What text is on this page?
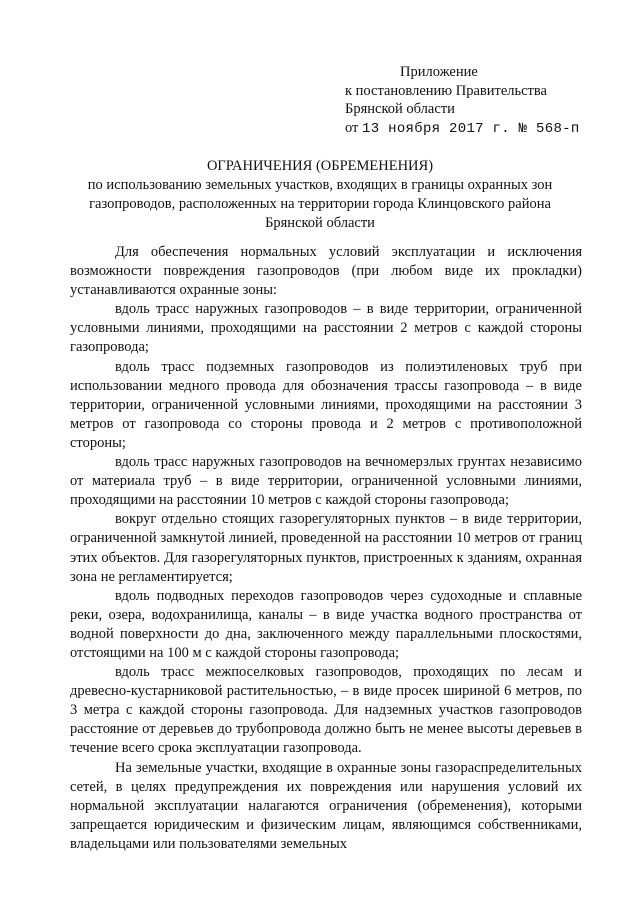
Приложение
к постановлению Правительства
Брянской области
от 13 ноября 2017 г. № 568-п
ОГРАНИЧЕНИЯ (ОБРЕМЕНЕНИЯ)
по использованию земельных участков, входящих в границы охранных зон газопроводов, расположенных на территории города Клинцовского района Брянской области

Для обеспечения нормальных условий эксплуатации и исключения возможности повреждения газопроводов (при любом виде их прокладки) устанавливаются охранные зоны:

вдоль трасс наружных газопроводов – в виде территории, ограниченной условными линиями, проходящими на расстоянии 2 метров с каждой стороны газопровода;

вдоль трасс подземных газопроводов из полиэтиленовых труб при использовании медного провода для обозначения трассы газопровода – в виде территории, ограниченной условными линиями, проходящими на расстоянии 3 метров от газопровода со стороны провода и 2 метров с противоположной стороны;

вдоль трасс наружных газопроводов на вечномерзлых грунтах независимо от материала труб – в виде территории, ограниченной условными линиями, проходящими на расстоянии 10 метров с каждой стороны газопровода;

вокруг отдельно стоящих газорегуляторных пунктов – в виде территории, ограниченной замкнутой линией, проведенной на расстоянии 10 метров от границ этих объектов. Для газорегуляторных пунктов, пристроенных к зданиям, охранная зона не регламентируется;

вдоль подводных переходов газопроводов через судоходные и сплавные реки, озера, водохранилища, каналы – в виде участка водного пространства от водной поверхности до дна, заключенного между параллельными плоскостями, отстоящими на 100 м с каждой стороны газопровода;

вдоль трасс межпоселковых газопроводов, проходящих по лесам и древесно-кустарниковой растительностью, – в виде просек шириной 6 метров, по 3 метра с каждой стороны газопровода. Для надземных участков газопроводов расстояние от деревьев до трубопровода должно быть не менее высоты деревьев в течение всего срока эксплуатации газопровода.

На земельные участки, входящие в охранные зоны газораспределительных сетей, в целях предупреждения их повреждения или нарушения условий их нормальной эксплуатации налагаются ограничения (обременения), которыми запрещается юридическим и физическим лицам, являющимся собственниками, владельцами или пользователями земельных
